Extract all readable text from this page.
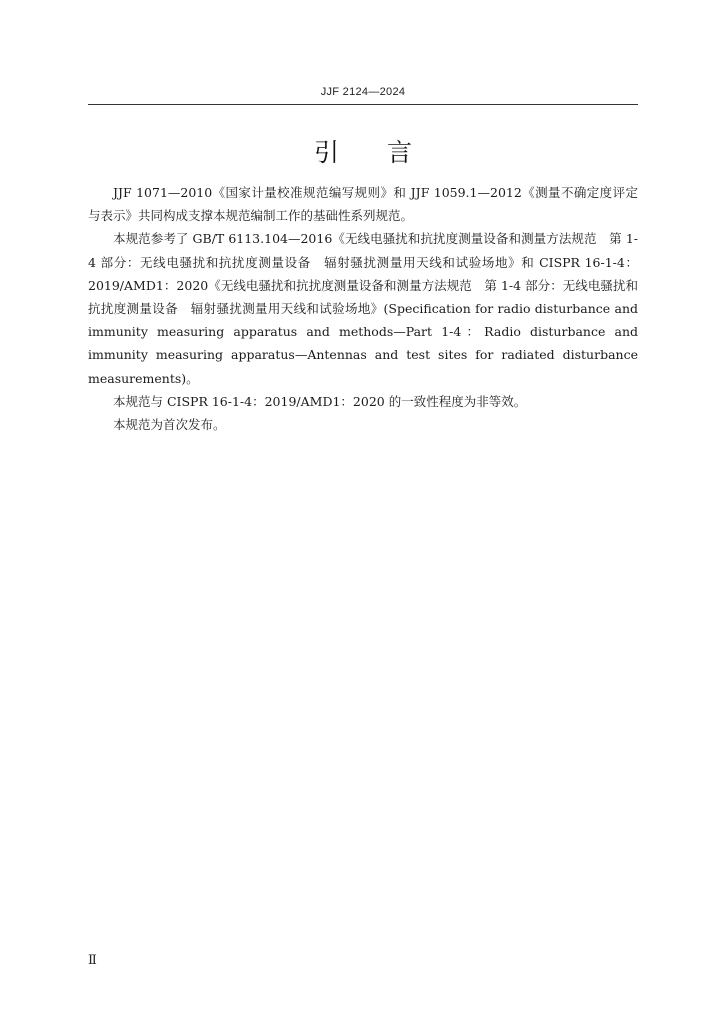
JJF 2124—2024
引 言

JJF 1071—2010《国家计量校准规范编写规则》和 JJF 1059.1—2012《测量不确定度评定与表示》共同构成支撑本规范编制工作的基础性系列规范。

本规范参考了 GB/T 6113.104—2016《无线电骚扰和抗扰度测量设备和测量方法规范　第 1-4 部分：无线电骚扰和抗扰度测量设备　辐射骚扰测量用天线和试验场地》和 CISPR 16-1-4：2019/AMD1：2020《无线电骚扰和抗扰度测量设备和测量方法规范　第 1-4 部分：无线电骚扰和抗扰度测量设备　辐射骚扰测量用天线和试验场地》(Specification for radio disturbance and immunity measuring apparatus and methods—Part 1-4：Radio disturbance and immunity measuring apparatus—Antennas and test sites for radiated disturbance measurements)。

本规范与 CISPR 16-1-4：2019/AMD1：2020 的一致性程度为非等效。

本规范为首次发布。

Ⅱ
